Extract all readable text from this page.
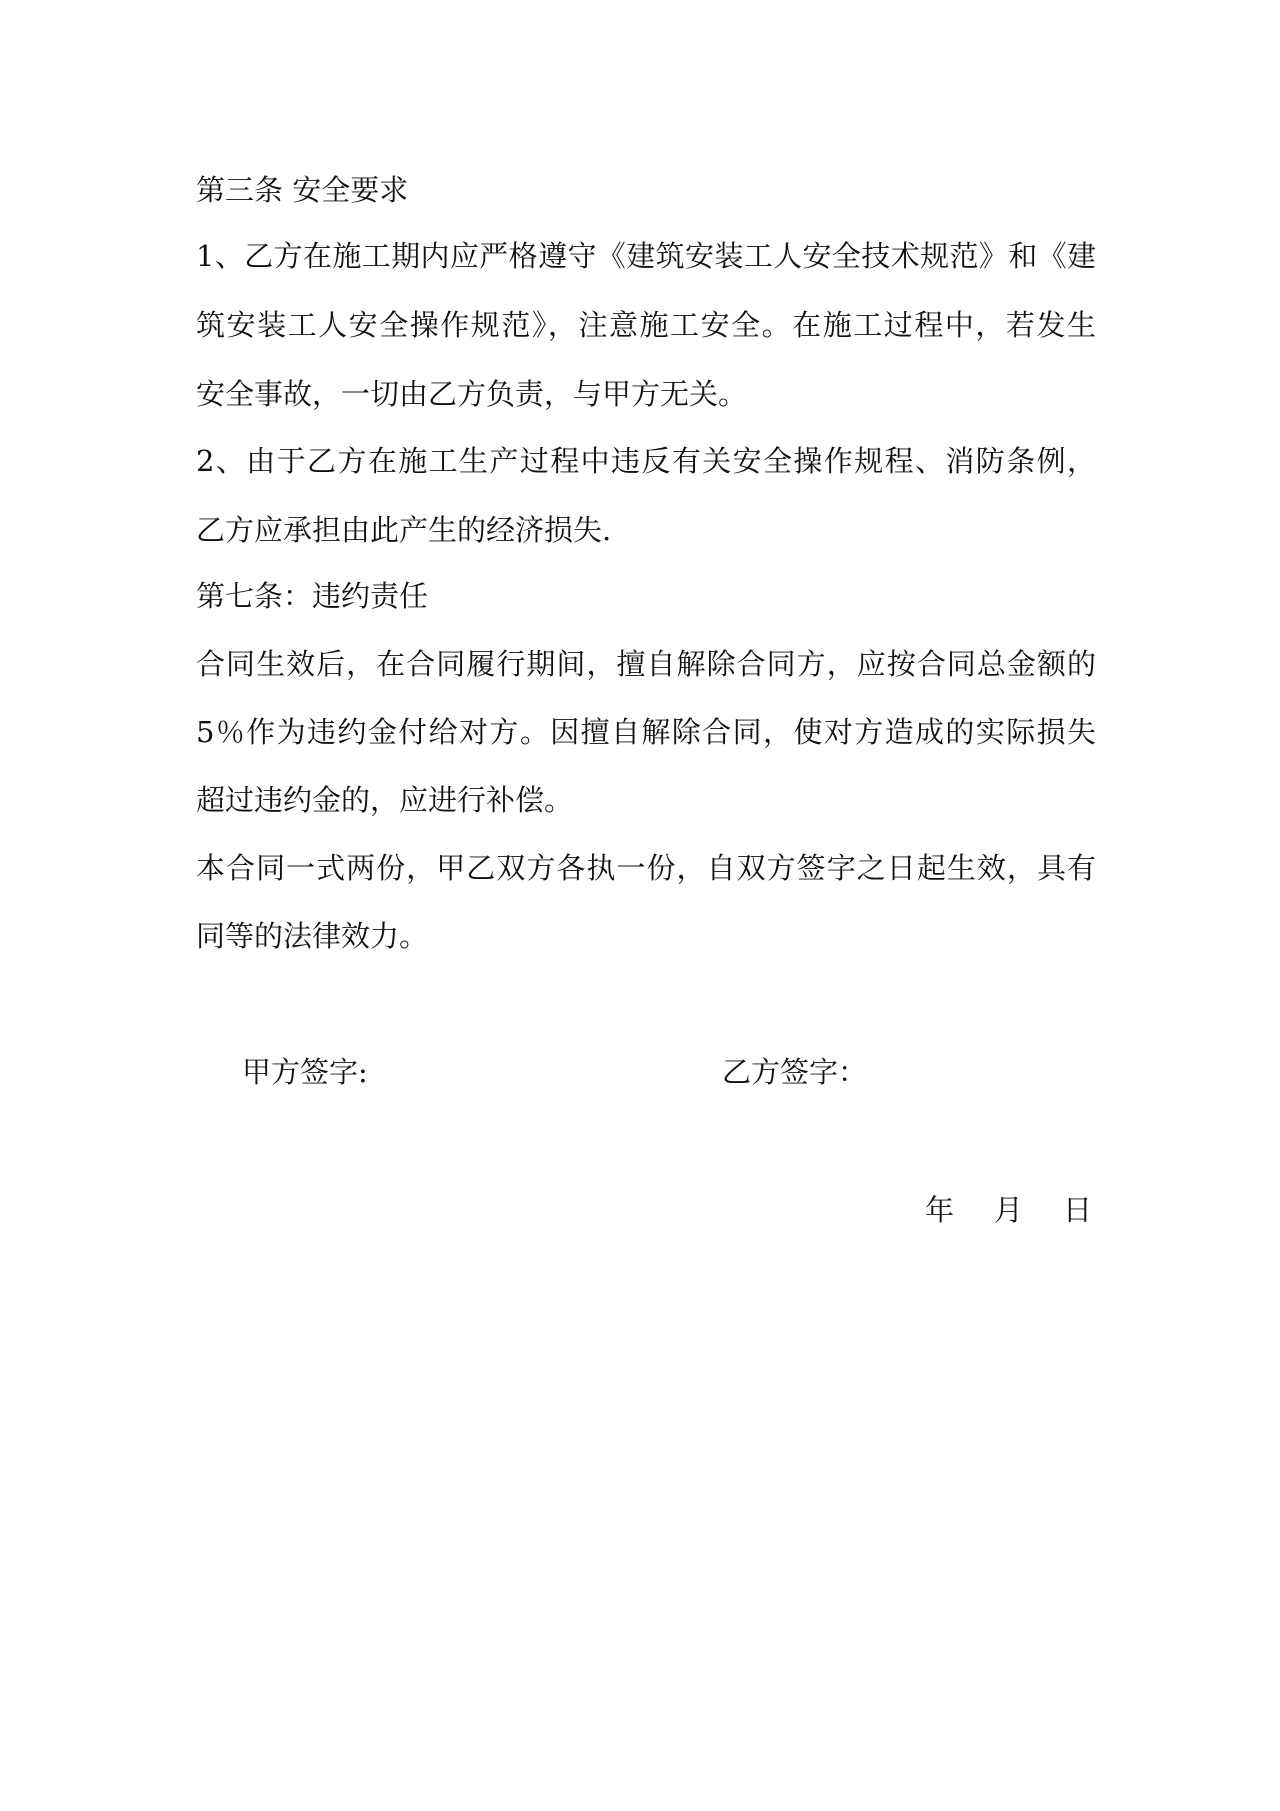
第三条 安全要求
1、乙方在施工期内应严格遵守《建筑安装工人安全技术规范》和《建
筑安装工人安全操作规范》，注意施工安全。在施工过程中，若发生
安全事故，一切由乙方负责，与甲方无关。
2、由于乙方在施工生产过程中违反有关安全操作规程、消防条例，
乙方应承担由此产生的经济损失.
第七条：违约责任
合同生效后，在合同履行期间，擅自解除合同方，应按合同总金额的
5％作为违约金付给对方。因擅自解除合同，使对方造成的实际损失
超过违约金的，应进行补偿。
本合同一式两份，甲乙双方各执一份，自双方签字之日起生效，具有
同等的法律效力。
甲方签字:	乙方签字：
年 月 日
